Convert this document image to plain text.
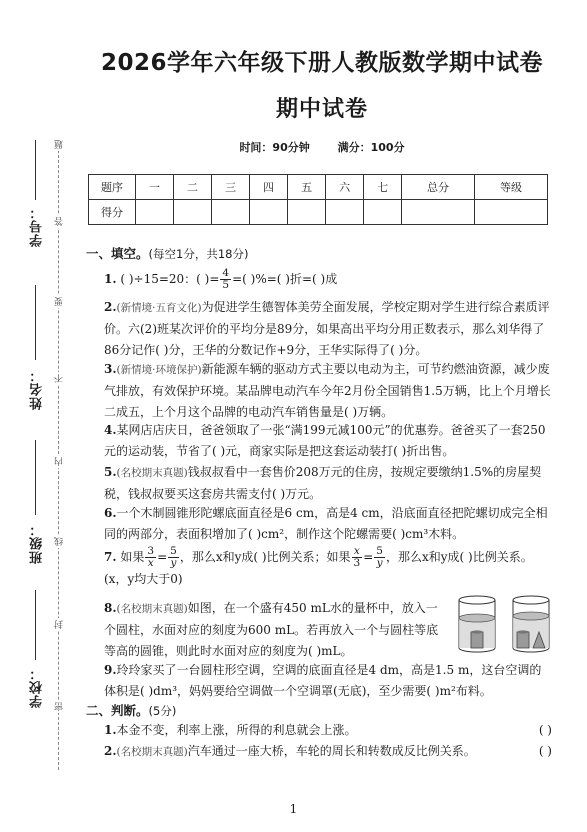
题
答
要
不
内
线
封
密
学号：
姓名：
班级：
学校：
2026学年六年级下册人教版数学期中试卷
期中试卷
时间：90分钟	满分：100分
题序	一	二	三	四	五	六	七	总分	等级
得分									
一、填空。(每空1分，共18分)
1. ( )÷15=20：( )= $\frac{4}{5}$ =( )%=( )折=( )成
2.(新情境·五育文化)为促进学生德智体美劳全面发展，学校定期对学生进行综合素质评价。六(2)班某次评价的平均分是89分，如果高出平均分用正数表示，那么刘华得了86分记作( )分，王华的分数记作+9分，王华实际得了( )分。
3.(新情境·环境保护)新能源车辆的驱动方式主要以电动为主，可节约燃油资源，减少废气排放，有效保护环境。某品牌电动汽车今年2月份全国销售1.5万辆，比上个月增长二成五，上个月这个品牌的电动汽车销售量是( )万辆。
4.某网店店庆日，爸爸领取了一张“满199元减100元”的优惠券。爸爸买了一套250元的运动装，节省了( )元，商家实际是把这套运动装打( )折出售。
5.(名校期末真题)钱叔叔看中一套售价208万元的住房，按规定要缴纳1.5%的房屋契税，钱叔叔要买这套房共需支付( )万元。
6.一个木制圆锥形陀螺底面直径是6 cm，高是4 cm，沿底面直径把陀螺切成完全相同的两部分，表面积增加了( )cm²，制作这个陀螺需要( )cm³木料。
7. 如果 $\frac{3}{x} = \frac{5}{y}$ ，那么x和y成( )比例关系；如果 $\frac{x}{3} = \frac{5}{y}$ ，那么x和y成( )比例关系。
(x，y均大于0)
8.(名校期末真题)如图，在一个盛有450 mL水的量杯中，放入一个圆柱，水面对应的刻度为600 mL。若再放入一个与圆柱等底等高的圆锥，则此时水面对应的刻度为( )mL。
9.玲玲家买了一台圆柱形空调，空调的底面直径是4 dm，高是1.5 m，这台空调的体积是( )dm³，妈妈要给空调做一个空调罩(无底)，至少需要( )m²布料。
二、判断。(5分)
1.本金不变，利率上涨，所得的利息就会上涨。	( )
2.(名校期末真题)汽车通过一座大桥，车轮的周长和转数成反比例关系。	( )
1
